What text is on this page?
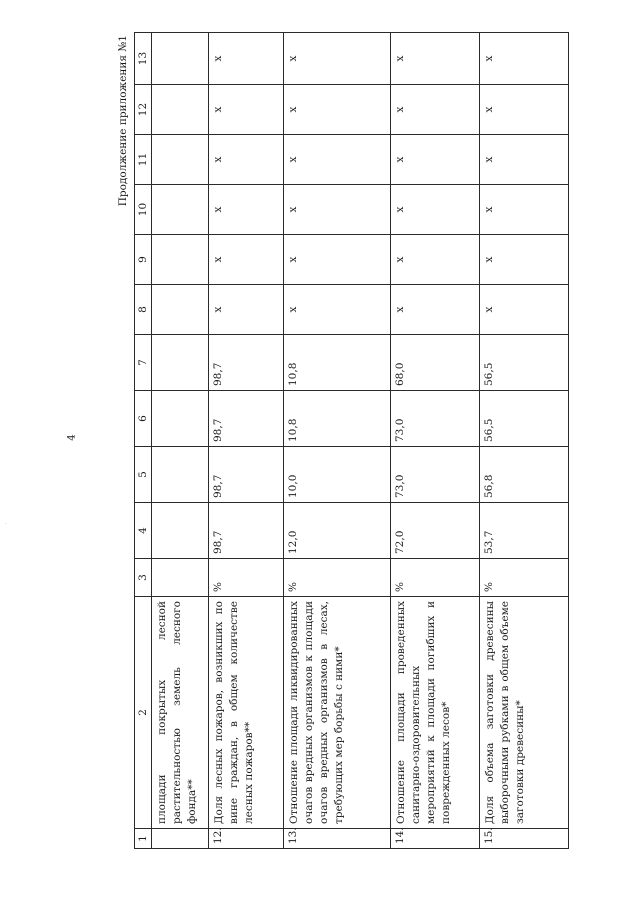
4
.
Продолжение приложения №1
1	2	3	4	5	6	7	8	9	10	11	12	13
	площади покрытых лесной растительностью земель лесного фонда**											
12.	Доля лесных пожаров, возникших по вине граждан, в общем количестве лесных пожаров**	%	98,7	98,7	98,7	98,7	x	x	x	x	x	x
13.	Отношение площади ликвидированных очагов вредных организмов к площади очагов вредных организмов в лесах, требующих мер борьбы с ними*	%	12,0	10,0	10,8	10,8	x	x	x	x	x	x
14.	Отношение площади проведенных санитарно-оздоровительных мероприятий к площади погибших и поврежденных лесов*	%	72,0	73,0	73,0	68,0	x	x	x	x	x	x
15.	Доля объема заготовки древесины выборочными рубками в общем объеме заготовки древесины*	%	53,7	56,8	56,5	56,5	x	x	x	x	x	x
